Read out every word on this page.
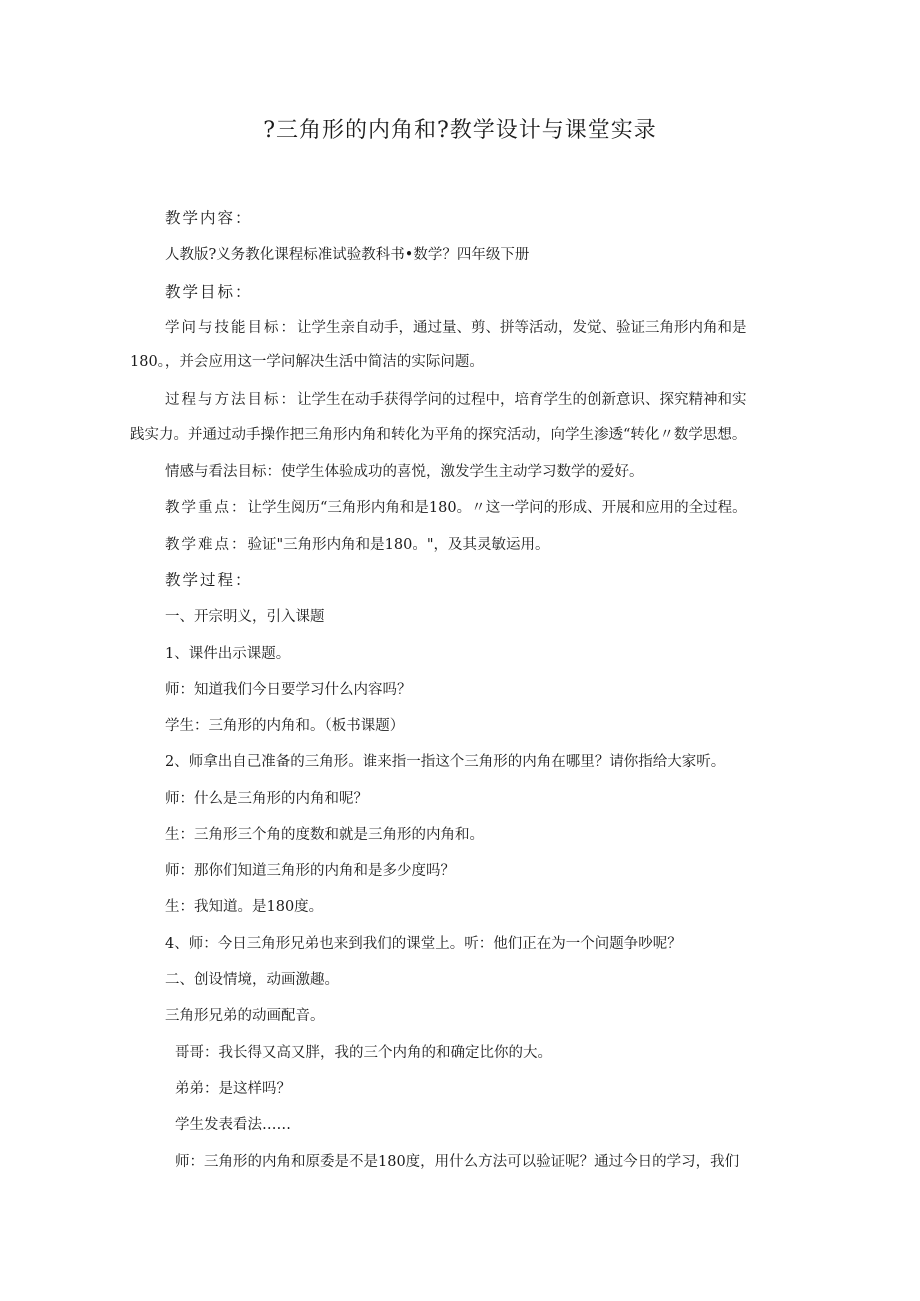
?三角形的内角和?教学设计与课堂实录
教学内容：
人教版?义务教化课程标准试验教科书•数学？四年级下册
教学目标：
学问与技能目标：让学生亲自动手，通过量、剪、拼等活动，发觉、验证三角形内角和是
180。，并会应用这一学问解决生活中简洁的实际问题。
过程与方法目标：让学生在动手获得学问的过程中，培育学生的创新意识、探究精神和实
践实力。并通过动手操作把三角形内角和转化为平角的探究活动，向学生渗透“转化〃数学思想。
情感与看法目标：使学生体验成功的喜悦，激发学生主动学习数学的爱好。
教学重点：让学生阅历“三角形内角和是180。〃这一学问的形成、开展和应用的全过程。
教学难点：验证"三角形内角和是180。"，及其灵敏运用。
教学过程：
一、开宗明义，引入课题
1、课件出示课题。
师：知道我们今日要学习什么内容吗？
学生：三角形的内角和。（板书课题）
2、师拿出自己准备的三角形。谁来指一指这个三角形的内角在哪里？请你指给大家听。
师：什么是三角形的内角和呢？
生：三角形三个角的度数和就是三角形的内角和。
师：那你们知道三角形的内角和是多少度吗？
生：我知道。是180度。
4、师：今日三角形兄弟也来到我们的课堂上。听：他们正在为一个问题争吵呢？
二、创设情境，动画激趣。
三角形兄弟的动画配音。
哥哥：我长得又高又胖，我的三个内角的和确定比你的大。
弟弟：是这样吗？
学生发表看法……
师：三角形的内角和原委是不是180度，用什么方法可以验证呢？通过今日的学习，我们
